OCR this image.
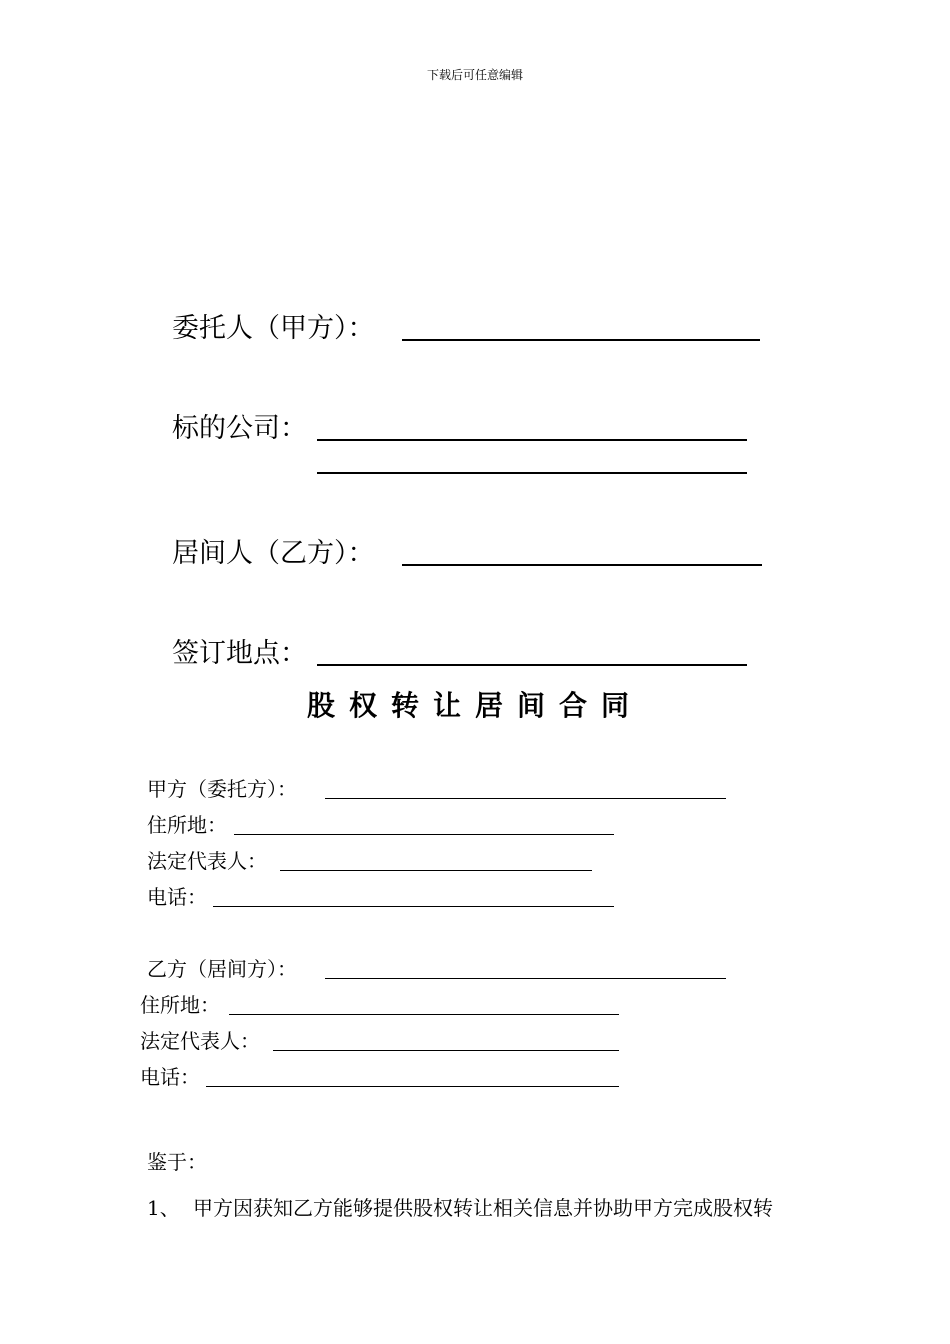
下载后可任意编辑
委托人（甲方）：
标的公司：
居间人（乙方）：
签订地点：
股权转让居间合同
甲方（委托方）：
住所地：
法定代表人：
电话：
乙方（居间方）：
住所地：
法定代表人：
电话：
鉴于：
1、 甲方因获知乙方能够提供股权转让相关信息并协助甲方完成股权转
